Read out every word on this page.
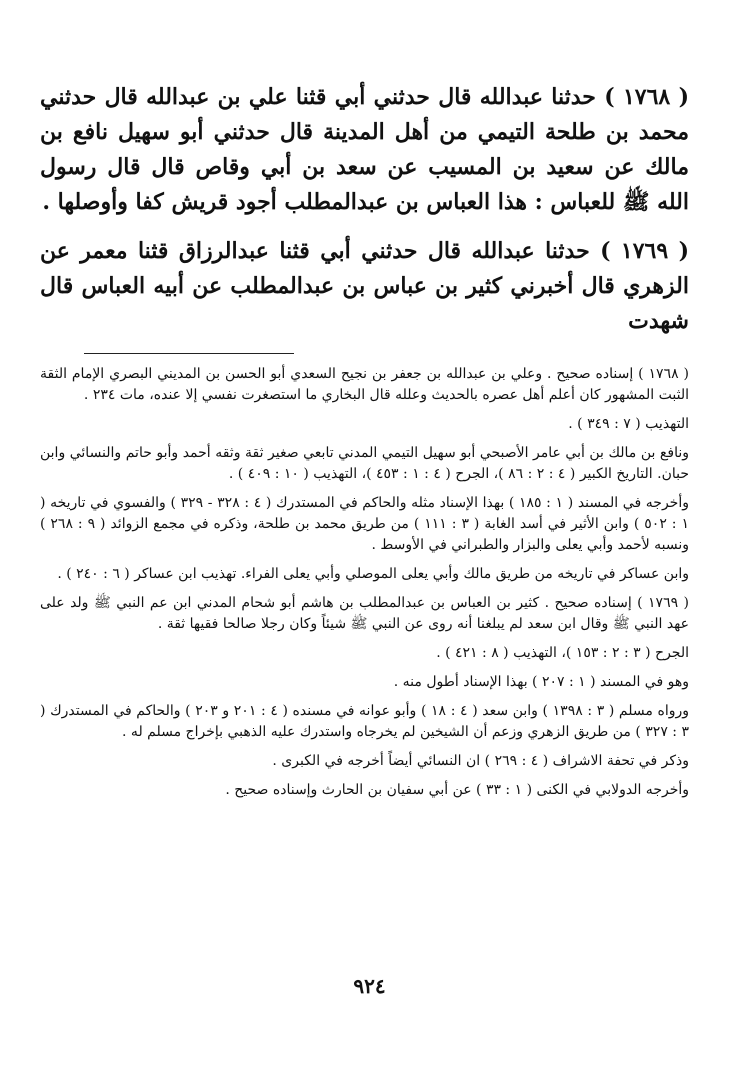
( ١٧٦٨ ) حدثنا عبدالله قال حدثني أبي قثنا علي بن عبدالله قال حدثني محمد بن طلحة التيمي من أهل المدينة قال حدثني أبو سهيل نافع بن مالك عن سعيد بن المسيب عن سعد بن أبي وقاص قال قال رسول الله ﷺ للعباس : هذا العباس بن عبدالمطلب أجود قريش كفا وأوصلها .

( ١٧٦٩ ) حدثنا عبدالله قال حدثني أبي قثنا عبدالرزاق قثنا معمر عن الزهري قال أخبرني كثير بن عباس بن عبدالمطلب عن أبيه العباس قال شهدت

( ١٧٦٨ ) إسناده صحيح . وعلي بن عبدالله بن جعفر بن نجيح السعدي أبو الحسن بن المديني البصري الإمام الثقة الثبت المشهور كان أعلم أهل عصره بالحديث وعلله قال البخاري ما استصغرت نفسي إلا عنده، مات ٢٣٤ .

التهذيب ( ٧ : ٣٤٩ ) .

ونافع بن مالك بن أبي عامر الأصبحي أبو سهيل التيمي المدني تابعي صغير ثقة وثقه أحمد وأبو حاتم والنسائي وابن حبان. التاريخ الكبير ( ٤ : ٢ : ٨٦ )، الجرح ( ٤ : ١ : ٤٥٣ )، التهذيب ( ١٠ : ٤٠٩ ) .

وأخرجه في المسند ( ١ : ١٨٥ ) بهذا الإسناد مثله والحاكم في المستدرك ( ٤ : ٣٢٨ - ٣٢٩ ) والفسوي في تاريخه ( ١ : ٥٠٢ ) وابن الأثير في أسد الغابة ( ٣ : ١١١ ) من طريق محمد بن طلحة، وذكره في مجمع الزوائد ( ٩ : ٢٦٨ ) ونسبه لأحمد وأبي يعلى والبزار والطبراني في الأوسط .

وابن عساكر في تاريخه من طريق مالك وأبي يعلى الموصلي وأبي يعلى الفراء. تهذيب ابن عساكر ( ٦ : ٢٤٠ ) .

( ١٧٦٩ ) إسناده صحيح . كثير بن العباس بن عبدالمطلب بن هاشم أبو شحام المدني ابن عم النبي ﷺ ولد على عهد النبي ﷺ وقال ابن سعد لم يبلغنا أنه روى عن النبي ﷺ شيئاً وكان رجلا صالحا فقيها ثقة .

الجرح ( ٣ : ٢ : ١٥٣ )، التهذيب ( ٨ : ٤٢١ ) .

وهو في المسند ( ١ : ٢٠٧ ) بهذا الإسناد أطول منه .

ورواه مسلم ( ٣ : ١٣٩٨ ) وابن سعد ( ٤ : ١٨ ) وأبو عوانه في مسنده ( ٤ : ٢٠١ و ٢٠٣ ) والحاكم في المستدرك ( ٣ : ٣٢٧ ) من طريق الزهري وزعم أن الشيخين لم يخرجاه واستدرك عليه الذهبي بإخراج مسلم له .

وذكر في تحفة الاشراف ( ٤ : ٢٦٩ ) ان النسائي أيضاً أخرجه في الكبرى .

وأخرجه الدولابي في الكنى ( ١ : ٣٣ ) عن أبي سفيان بن الحارث وإسناده صحيح .

٩٢٤
